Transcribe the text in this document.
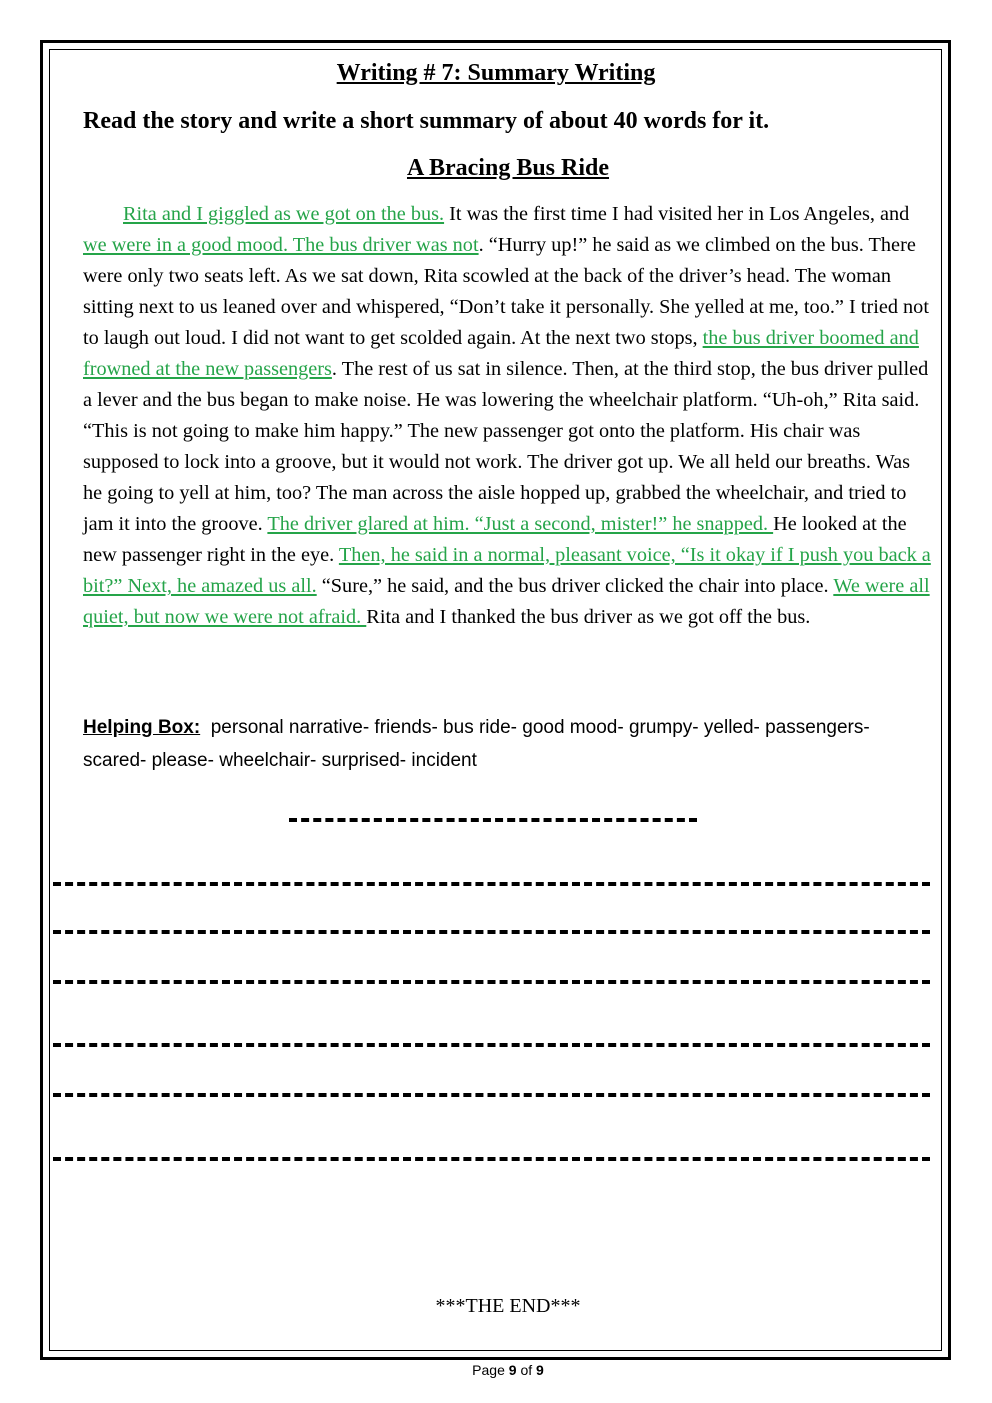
Writing # 7: Summary Writing
Read the story and write a short summary of about 40 words for it.
A Bracing Bus Ride

Rita and I giggled as we got on the bus. It was the first time I had visited her in Los Angeles, and we were in a good mood. The bus driver was not. “Hurry up!” he said as we climbed on the bus. There were only two seats left. As we sat down, Rita scowled at the back of the driver’s head. The woman sitting next to us leaned over and whispered, “Don’t take it personally. She yelled at me, too.” I tried not to laugh out loud. I did not want to get scolded again. At the next two stops, the bus driver boomed and frowned at the new passengers. The rest of us sat in silence. Then, at the third stop, the bus driver pulled a lever and the bus began to make noise. He was lowering the wheelchair platform. “Uh-oh,” Rita said. “This is not going to make him happy.” The new passenger got onto the platform. His chair was supposed to lock into a groove, but it would not work. The driver got up. We all held our breaths. Was he going to yell at him, too? The man across the aisle hopped up, grabbed the wheelchair, and tried to jam it into the groove. The driver glared at him. “Just a second, mister!” he snapped. He looked at the new passenger right in the eye. Then, he said in a normal, pleasant voice, “Is it okay if I push you back a bit?” Next, he amazed us all. “Sure,” he said, and the bus driver clicked the chair into place. We were all quiet, but now we were not afraid. Rita and I thanked the bus driver as we got off the bus.

Helping Box: personal narrative- friends- bus ride- good mood- grumpy- yelled- passengers- scared- please- wheelchair- surprised- incident
***THE END***
Page 9 of 9
